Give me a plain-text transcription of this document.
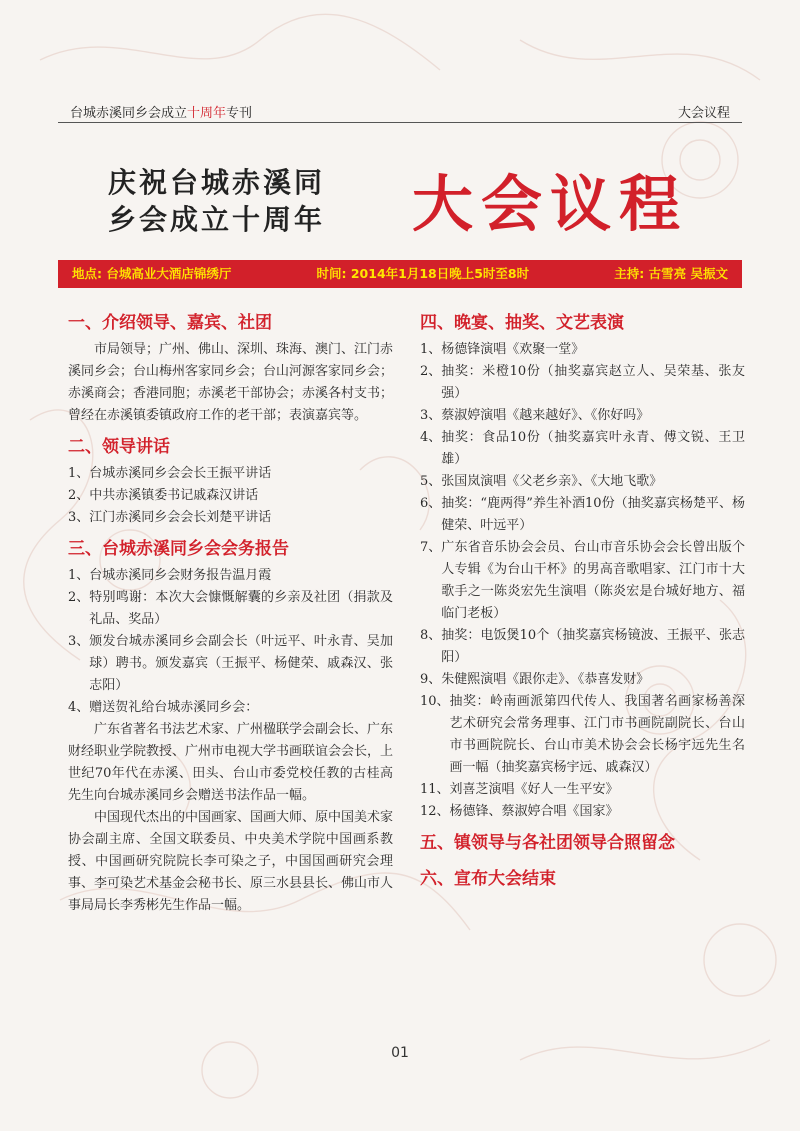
台城赤溪同乡会成立十周年专刊	大会议程
庆祝台城赤溪同
乡会成立十周年	大会议程
地点: 台城高业大酒店锦绣厅	时间: 2014年1月18日晚上5时至8时	主持: 古雪亮 吴振文
一、介绍领导、嘉宾、社团

市局领导；广州、佛山、深圳、珠海、澳门、江门赤溪同乡会；台山梅州客家同乡会；台山河源客家同乡会；赤溪商会；香港同胞；赤溪老干部协会；赤溪各村支书；曾经在赤溪镇委镇政府工作的老干部；表演嘉宾等。

二、领导讲话
1、 台城赤溪同乡会会长王振平讲话
2、 中共赤溪镇委书记戚森汉讲话
3、 江门赤溪同乡会会长刘楚平讲话
三、台城赤溪同乡会会务报告
1、 台城赤溪同乡会财务报告温月霞
2、 特别鸣谢：本次大会慷慨解囊的乡亲及社团（捐款及礼品、奖品）
3、 颁发台城赤溪同乡会副会长（叶远平、叶永青、吴加球）聘书。颁发嘉宾（王振平、杨健荣、戚森汉、张志阳）
4、 赠送贺礼给台城赤溪同乡会：

广东省著名书法艺术家、广州楹联学会副会长、广东财经职业学院教授、广州市电视大学书画联谊会会长，上世纪70年代在赤溪、田头、台山市委党校任教的古桂高先生向台城赤溪同乡会赠送书法作品一幅。

中国现代杰出的中国画家、国画大师、原中国美术家协会副主席、全国文联委员、中央美术学院中国画系教授、中国画研究院院长李可染之子，中国国画研究会理事、李可染艺术基金会秘书长、原三水县县长、佛山市人事局局长李秀彬先生作品一幅。

四、晚宴、抽奖、文艺表演
1、 杨德锋演唱《欢聚一堂》
2、 抽奖：米橙10份（抽奖嘉宾赵立人、吴荣基、张友强）
3、 蔡淑婷演唱《越来越好》、《你好吗》
4、 抽奖：食品10份（抽奖嘉宾叶永青、傅文锐、王卫雄）
5、 张国岚演唱《父老乡亲》、《大地飞歌》
6、 抽奖：“鹿两得”养生补酒10份（抽奖嘉宾杨楚平、杨健荣、叶远平）
7、 广东省音乐协会会员、台山市音乐协会会长曾出版个人专辑《为台山干杯》的男高音歌唱家、江门市十大歌手之一陈炎宏先生演唱（陈炎宏是台城好地方、福临门老板）
8、 抽奖：电饭煲10个（抽奖嘉宾杨镜波、王振平、张志阳）
9、 朱健熙演唱《跟你走》、《恭喜发财》
10、 抽奖：岭南画派第四代传人、我国著名画家杨善深艺术研究会常务理事、江门市书画院副院长、台山市书画院院长、台山市美术协会会长杨宇远先生名画一幅（抽奖嘉宾杨宇远、戚森汉）
11、 刘喜芝演唱《好人一生平安》
12、 杨德锋、蔡淑婷合唱《国家》
五、镇领导与各社团领导合照留念
六、宣布大会结束
01
